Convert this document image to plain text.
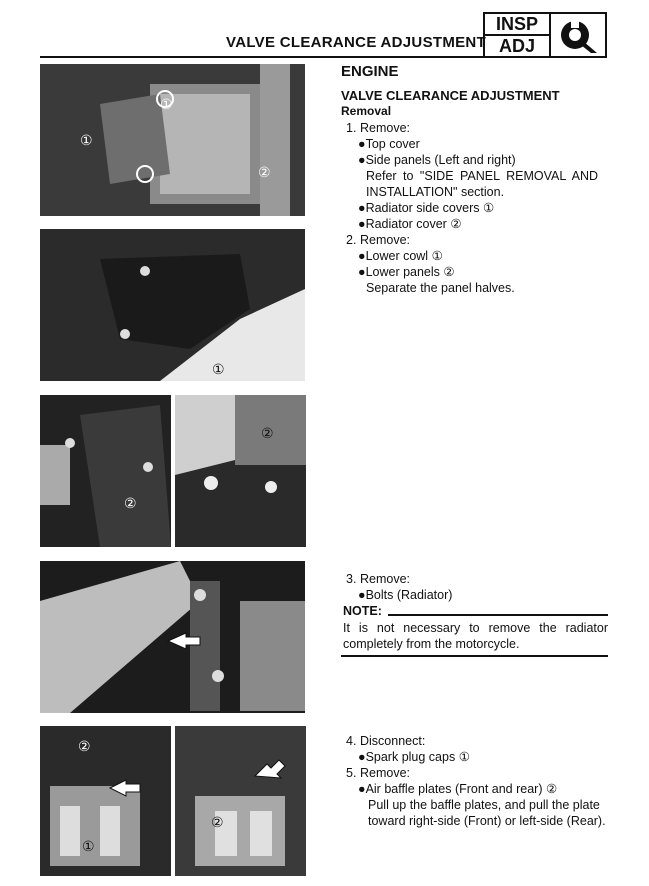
VALVE CLEARANCE ADJUSTMENT
INSP
ADJ
①
①
②
①
②
②
②
①
②
ENGINE
VALVE CLEARANCE ADJUSTMENT
Removal
1. Remove:
●Top cover
●Side panels (Left and right)
Refer to "SIDE PANEL REMOVAL AND
INSTALLATION" section.
●Radiator side covers ①
●Radiator cover ②
2. Remove:
●Lower cowl ①
●Lower panels ②
Separate the panel halves.
3. Remove:
●Bolts (Radiator)
NOTE:
It is not necessary to remove the radiator completely from the motorcycle.
4. Disconnect:
●Spark plug caps ①
5. Remove:
●Air baffle plates (Front and rear) ②
Pull up the baffle plates, and pull the plate
toward right-side (Front) or left-side (Rear).
